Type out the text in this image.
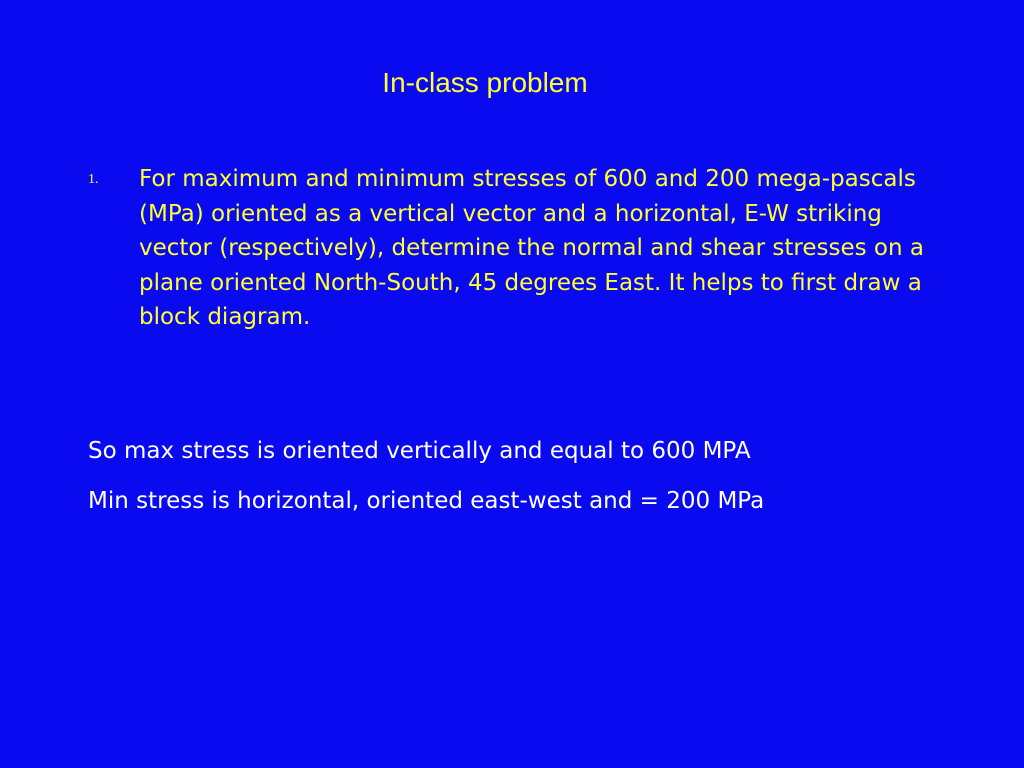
In-class problem
1. For maximum and minimum stresses of 600 and 200 mega-pascals (MPa) oriented as a vertical vector and a horizontal, E-W striking vector (respectively), determine the normal and shear stresses on a plane oriented North-South, 45 degrees East. It helps to first draw a block diagram.
So max stress is oriented vertically and equal to 600 MPA
Min stress is horizontal, oriented east-west and = 200 MPa
